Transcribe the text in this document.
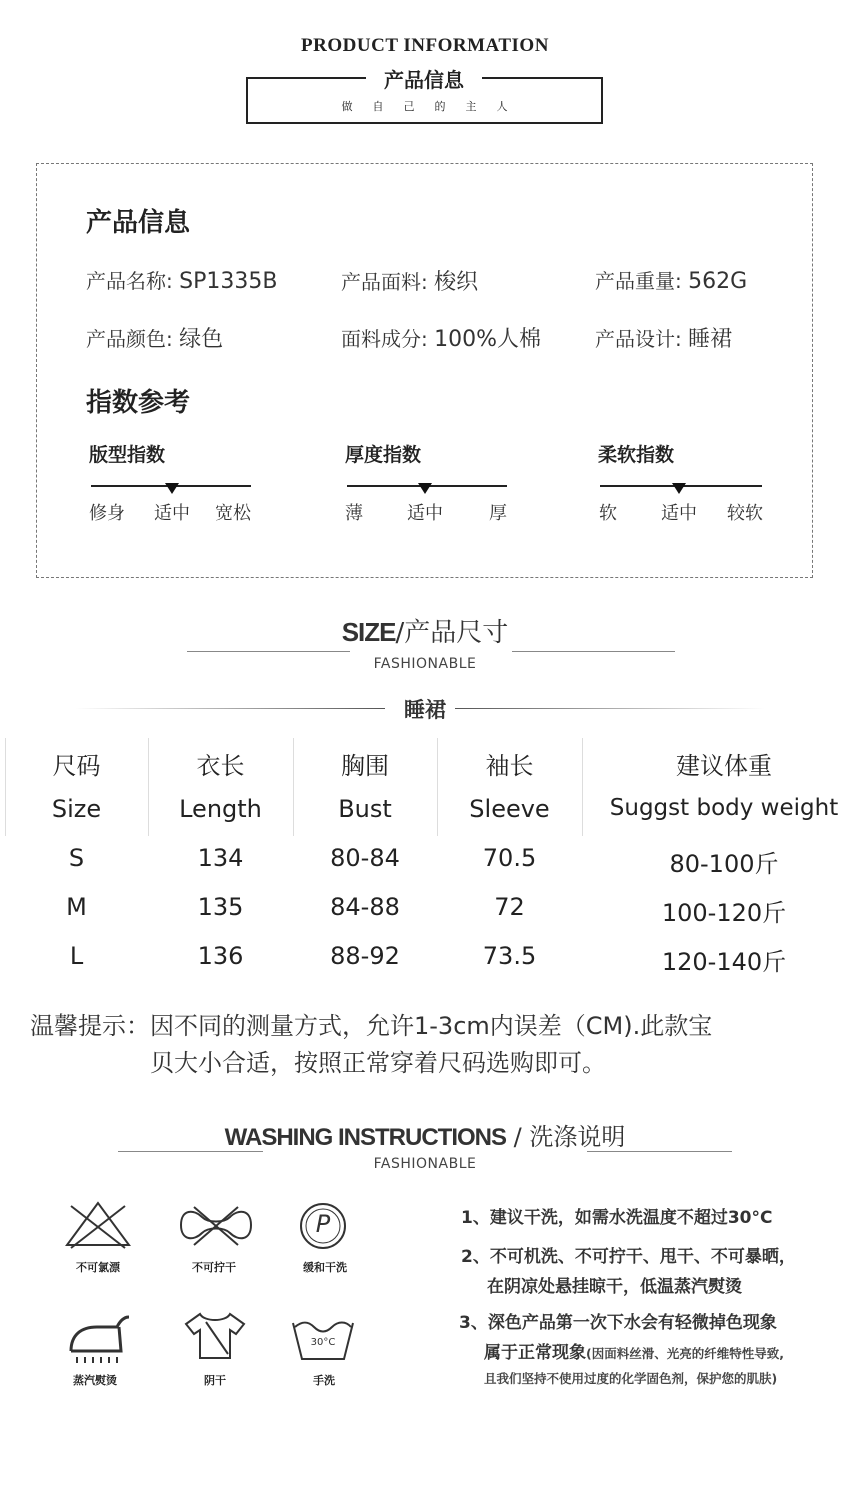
PRODUCT INFORMATION
产品信息
做自己的主人
产品信息
产品名称: SP1335B	产品面料: 梭织	产品重量: 562G
产品颜色: 绿色	面料成分: 100%人棉	产品设计: 睡裙
指数参考
版型指数
修身 适中 宽松
厚度指数
薄 适中	厚
柔软指数
软 适中 较软
SIZE/产品尺寸
FASHIONABLE
睡裙
尺码	衣长	胸围	袖长	建议体重
Size	Length	Bust	Sleeve	Suggst body weight
S	134	80-84	70.5	80-100斤
M	135	84-88	72	100-120斤
L	136	88-92	73.5	120-140斤
温馨提示：因不同的测量方式，允许1-3cm内误差（CM).此款宝
贝大小合适，按照正常穿着尺码选购即可。
WASHING INSTRUCTIONS / 洗涤说明
FASHIONABLE
不可氯漂	不可拧干
P
缓和干洗
蒸汽熨烫	阴干
30°C
手洗
1、建议干洗，如需水洗温度不超过30°C
2、不可机洗、不可拧干、甩干、不可暴晒，
在阴凉处悬挂晾干，低温蒸汽熨烫
3、深色产品第一次下水会有轻微掉色现象
属于正常现象(因面料丝滑、光亮的纤维特性导致,
且我们坚持不使用过度的化学固色剂，保护您的肌肤)
